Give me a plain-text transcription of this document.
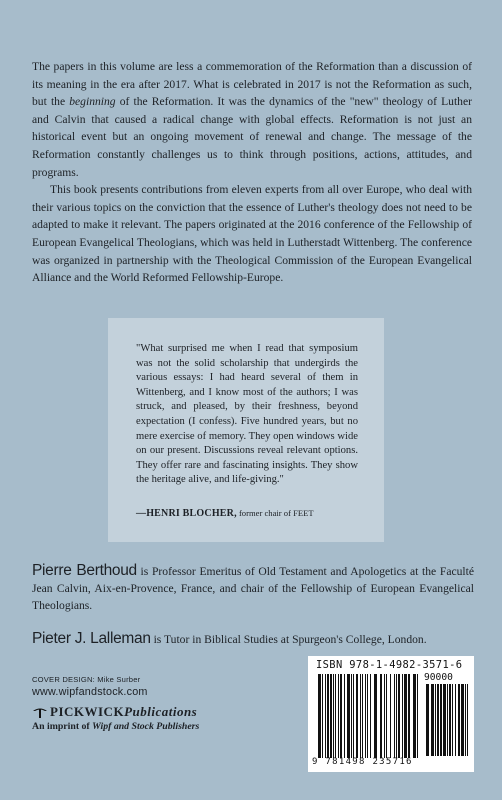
The papers in this volume are less a commemoration of the Reformation than a discussion of its meaning in the era after 2017. What is celebrated in 2017 is not the Reformation as such, but the beginning of the Reformation. It was the dynamics of the "new" theology of Luther and Calvin that caused a radical change with global effects. Reformation is not just an historical event but an ongoing movement of renewal and change. The message of the Reformation constantly challenges us to think through positions, actions, attitudes, and programs.

This book presents contributions from eleven experts from all over Europe, who deal with their various topics on the conviction that the essence of Luther's theology does not need to be adapted to make it relevant. The papers originated at the 2016 conference of the Fellowship of European Evangelical Theologians, which was held in Lutherstadt Wittenberg. The conference was organized in partnership with the Theological Commission of the European Evangelical Alliance and the World Reformed Fellowship-Europe.

"What surprised me when I read that symposium was not the solid scholarship that undergirds the various essays: I had heard several of them in Wittenberg, and I know most of the authors; I was struck, and pleased, by their freshness, beyond expectation (I confess). Five hundred years, but no mere exercise of memory. They open windows wide on our present. Discussions reveal relevant options. They offer rare and fascinating insights. They show the heritage alive, and life-giving."
—HENRI BLOCHER, former chair of FEET
Pierre Berthoud is Professor Emeritus of Old Testament and Apologetics at the Faculté Jean Calvin, Aix-en-Provence, France, and chair of the Fellowship of European Evangelical Theologians.
Pieter J. Lalleman is Tutor in Biblical Studies at Spurgeon's College, London.
COVER DESIGN: Mike Surber
www.wipfandstock.com
PICKWICK Publications
An imprint of Wipf and Stock Publishers
ISBN 978-1-4982-3571-6
90000
9 781498 235716
